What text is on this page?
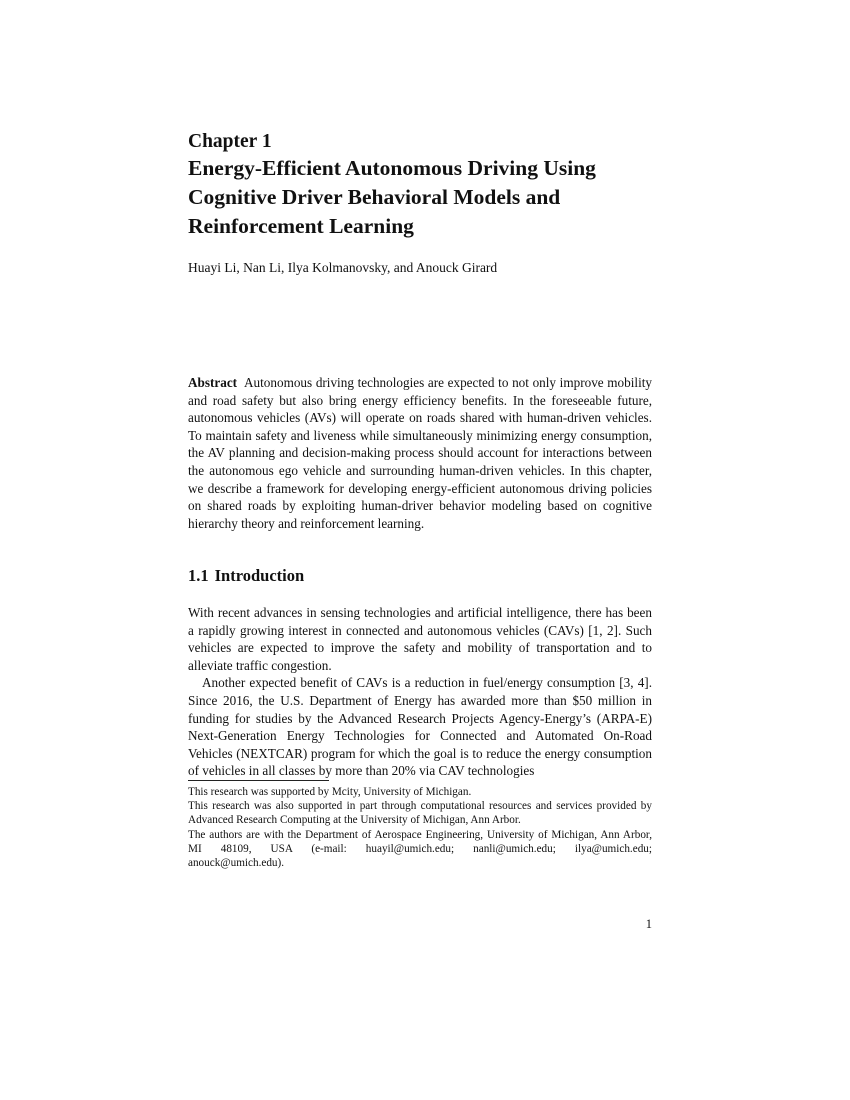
Chapter 1
Energy-Efficient Autonomous Driving Using Cognitive Driver Behavioral Models and Reinforcement Learning
Huayi Li, Nan Li, Ilya Kolmanovsky, and Anouck Girard

Abstract Autonomous driving technologies are expected to not only improve mobility and road safety but also bring energy efficiency benefits. In the foreseeable future, autonomous vehicles (AVs) will operate on roads shared with human-driven vehicles. To maintain safety and liveness while simultaneously minimizing energy consumption, the AV planning and decision-making process should account for interactions between the autonomous ego vehicle and surrounding human-driven vehicles. In this chapter, we describe a framework for developing energy-efficient autonomous driving policies on shared roads by exploiting human-driver behavior modeling based on cognitive hierarchy theory and reinforcement learning.

1.1 Introduction

With recent advances in sensing technologies and artificial intelligence, there has been a rapidly growing interest in connected and autonomous vehicles (CAVs) [1, 2]. Such vehicles are expected to improve the safety and mobility of transportation and to alleviate traffic congestion.

Another expected benefit of CAVs is a reduction in fuel/energy consumption [3, 4]. Since 2016, the U.S. Department of Energy has awarded more than $50 million in funding for studies by the Advanced Research Projects Agency-Energy’s (ARPA-E) Next-Generation Energy Technologies for Connected and Automated On-Road Vehicles (NEXTCAR) program for which the goal is to reduce the energy consumption of vehicles in all classes by more than 20% via CAV technologies

This research was supported by Mcity, University of Michigan.

This research was also supported in part through computational resources and services provided by Advanced Research Computing at the University of Michigan, Ann Arbor.

The authors are with the Department of Aerospace Engineering, University of Michigan, Ann Arbor, MI 48109, USA (e-mail: huayil@umich.edu; nanli@umich.edu; ilya@umich.edu; anouck@umich.edu).

1
